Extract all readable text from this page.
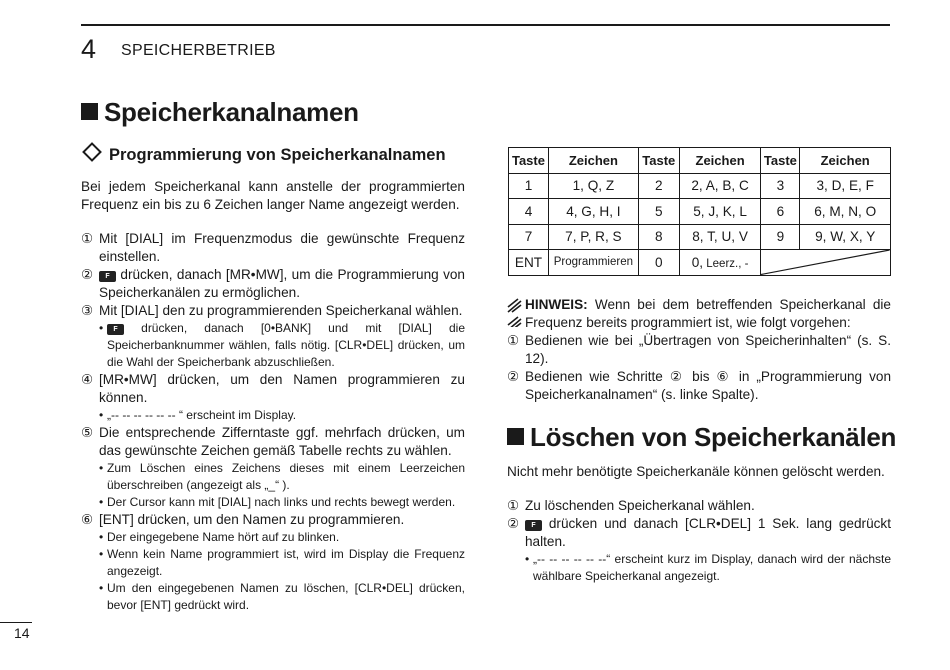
4 SPEICHERBETRIEB
Speicherkanalnamen
Programmierung von Speicherkanalnamen

Bei jedem Speicherkanal kann anstelle der programmierten Frequenz ein bis zu 6 Zeichen langer Name angezeigt werden.

① Mit [DIAL] im Frequenzmodus die gewünschte Frequenz einstellen.
② F drücken, danach [MR•MW], um die Programmierung von Speicherkanälen zu ermöglichen.
③ Mit [DIAL] den zu programmierenden Speicherkanal wählen.
• F drücken, danach [0•BANK] und mit [DIAL] die Speicherbanknummer wählen, falls nötig. [CLR•DEL] drücken, um die Wahl der Speicherbank abzuschließen.
④ [MR•MW] drücken, um den Namen programmieren zu können.
• „-- -- -- -- -- -- “ erscheint im Display.
⑤ Die entsprechende Zifferntaste ggf. mehrfach drücken, um das gewünschte Zeichen gemäß Tabelle rechts zu wählen.
• Zum Löschen eines Zeichens dieses mit einem Leerzeichen überschreiben (angezeigt als „_“ ).
• Der Cursor kann mit [DIAL] nach links und rechts bewegt werden.
⑥ [ENT] drücken, um den Namen zu programmieren.
• Der eingegebene Name hört auf zu blinken.
• Wenn kein Name programmiert ist, wird im Display die Frequenz angezeigt.
• Um den eingegebenen Namen zu löschen, [CLR•DEL] drücken, bevor [ENT] gedrückt wird.
Taste	Zeichen	Taste	Zeichen	Taste	Zeichen
1	1, Q, Z	2	2, A, B, C	3	3, D, E, F
4	4, G, H, I	5	5, J, K, L	6	6, M, N, O
7	7, P, R, S	8	8, T, U, V	9	9, W, X, Y
ENT	Programmieren	0	0, Leerz., -	

HINWEIS: Wenn bei dem betreffenden Speicherkanal die Frequenz bereits programmiert ist, wie folgt vorgehen:

① Bedienen wie bei „Übertragen von Speicherinhalten“ (s. S. 12).
② Bedienen wie Schritte ② bis ⑥ in „Programmierung von Speicherkanalnamen“ (s. linke Spalte).
Löschen von Speicherkanälen

Nicht mehr benötigte Speicherkanäle können gelöscht werden.

① Zu löschenden Speicherkanal wählen.
② F drücken und danach [CLR•DEL] 1 Sek. lang gedrückt halten.
• „-- -- -- -- -- --“ erscheint kurz im Display, danach wird der nächste wählbare Speicherkanal angezeigt.
14
